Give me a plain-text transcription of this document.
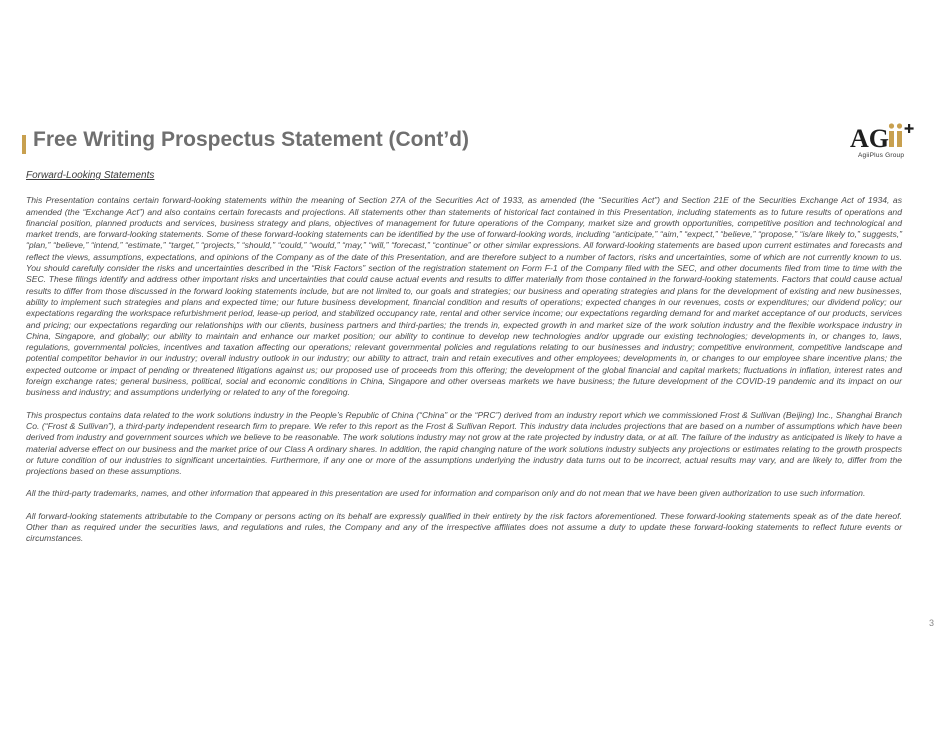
Free Writing Prospectus Statement (Cont’d)	AG
AgiiPlus Group
Forward-Looking Statements

This Presentation contains certain forward-looking statements within the meaning of Section 27A of the Securities Act of 1933, as amended (the “Securities Act”) and Section 21E of the Securities Exchange Act of 1934, as amended (the “Exchange Act”) and also contains certain forecasts and projections. All statements other than statements of historical fact contained in this Presentation, including statements as to future results of operations and financial position, planned products and services, business strategy and plans, objectives of management for future operations of the Company, market size and growth opportunities, competitive position and technological and market trends, are forward-looking statements. Some of these forward-looking statements can be identified by the use of forward-looking words, including “anticipate,” “aim,” “expect,” “believe,” “propose,” “is/are likely to,” suggests,” “plan,” “believe,” “intend,” “estimate,” “target,” “projects,” “should,” “could,” “would,” “may,” “will,” “forecast,” “continue” or other similar expressions. All forward-looking statements are based upon current estimates and forecasts and reflect the views, assumptions, expectations, and opinions of the Company as of the date of this Presentation, and are therefore subject to a number of factors, risks and uncertainties, some of which are not currently known to us. You should carefully consider the risks and uncertainties described in the “Risk Factors” section of the registration statement on Form F-1 of the Company filed with the SEC, and other documents filed from time to time with the SEC. These filings identify and address other important risks and uncertainties that could cause actual events and results to differ materially from those contained in the forward-looking statements. Factors that could cause actual results to differ from those discussed in the forward looking statements include, but are not limited to, our goals and strategies; our business and operating strategies and plans for the development of existing and new businesses, ability to implement such strategies and plans and expected time; our future business development, financial condition and results of operations; expected changes in our revenues, costs or expenditures; our dividend policy; our expectations regarding the workspace refurbishment period, lease-up period, and stabilized occupancy rate, rental and other service income; our expectations regarding demand for and market acceptance of our products, services and pricing; our expectations regarding our relationships with our clients, business partners and third-parties; the trends in, expected growth in and market size of the work solution industry and the flexible workspace industry in China, Singapore, and globally; our ability to maintain and enhance our market position; our ability to continue to develop new technologies and/or upgrade our existing technologies; developments in, or changes to, laws, regulations, governmental policies, incentives and taxation affecting our operations; relevant governmental policies and regulations relating to our businesses and industry; competitive environment, competitive landscape and potential competitor behavior in our industry; overall industry outlook in our industry; our ability to attract, train and retain executives and other employees; developments in, or changes to our employee share incentive plans; the expected outcome or impact of pending or threatened litigations against us; our proposed use of proceeds from this offering; the development of the global financial and capital markets; fluctuations in inflation, interest rates and foreign exchange rates; general business, political, social and economic conditions in China, Singapore and other overseas markets we have business; the future development of the COVID-19 pandemic and its impact on our business and industry; and assumptions underlying or related to any of the foregoing.

This prospectus contains data related to the work solutions industry in the People’s Republic of China (“China” or the “PRC”) derived from an industry report which we commissioned Frost & Sullivan (Beijing) Inc., Shanghai Branch Co. (“Frost & Sullivan”), a third-party independent research firm to prepare. We refer to this report as the Frost & Sullivan Report. This industry data includes projections that are based on a number of assumptions which have been derived from industry and government sources which we believe to be reasonable. The work solutions industry may not grow at the rate projected by industry data, or at all. The failure of the industry as anticipated is likely to have a material adverse effect on our business and the market price of our Class A ordinary shares. In addition, the rapid changing nature of the work solutions industry subjects any projections or estimates relating to the growth prospects or future condition of our industries to significant uncertainties. Furthermore, if any one or more of the assumptions underlying the industry data turns out to be incorrect, actual results may vary, and are likely to, differ from the projections based on these assumptions.

All the third-party trademarks, names, and other information that appeared in this presentation are used for information and comparison only and do not mean that we have been given authorization to use such information.

All forward-looking statements attributable to the Company or persons acting on its behalf are expressly qualified in their entirety by the risk factors aforementioned. These forward-looking statements speak as of the date hereof. Other than as required under the securities laws, and regulations and rules, the Company and any of the irrespective affiliates does not assume a duty to update these forward-looking statements to reflect future events or circumstances.

3
